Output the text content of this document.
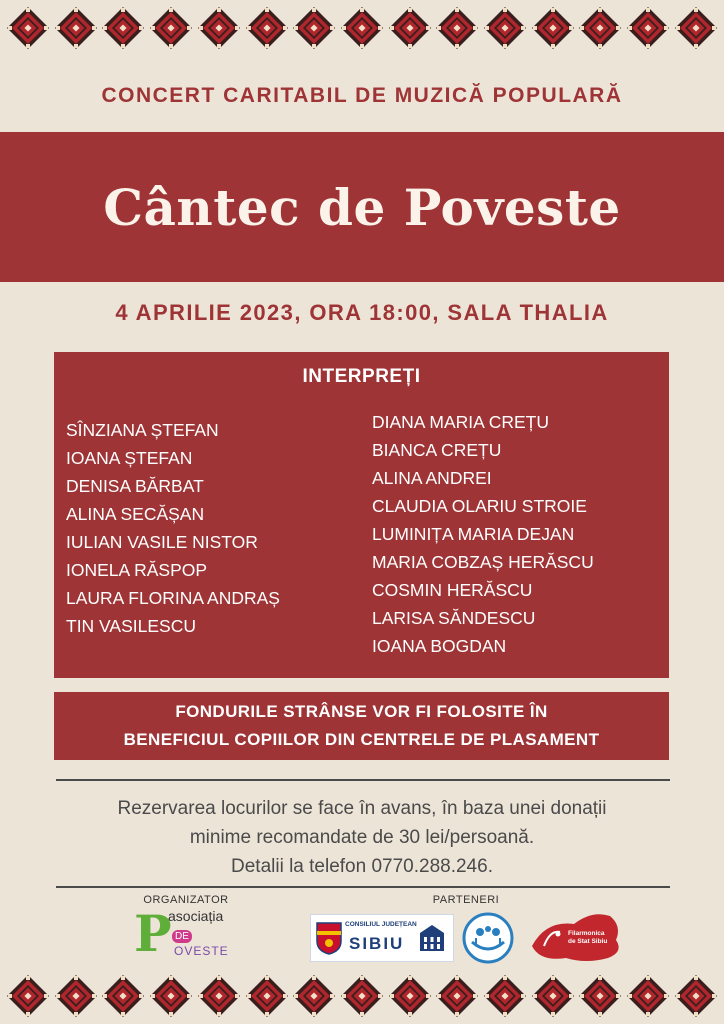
CONCERT CARITABIL DE MUZICĂ POPULARĂ
Cântec de Poveste
4 APRILIE 2023, ORA 18:00, SALA THALIA
INTERPREȚI
SÎNZIANA ȘTEFAN
IOANA ȘTEFAN
DENISA BĂRBAT
ALINA SECĂȘAN
IULIAN VASILE NISTOR
IONELA RĂSPOP
LAURA FLORINA ANDRAȘ
TIN VASILESCU
DIANA MARIA CREȚU
BIANCA CREȚU
ALINA ANDREI
CLAUDIA OLARIU STROIE
LUMINIȚA MARIA DEJAN
MARIA COBZAȘ HERĂSCU
COSMIN HERĂSCU
LARISA SĂNDESCU
IOANA BOGDAN
FONDURILE STRÂNSE VOR FI FOLOSITE ÎN
BENEFICIUL COPIILOR DIN CENTRELE DE PLASAMENT
Rezervarea locurilor se face în avans, în baza unei donații
minime recomandate de 30 lei/persoană.
Detalii la telefon 0770.288.246.
ORGANIZATOR	PARTENERI
P
asociația
DE
OVESTE
CONSILIUL JUDEȚEAN
SIBIU
Filarmonica
de Stat Sibiu
